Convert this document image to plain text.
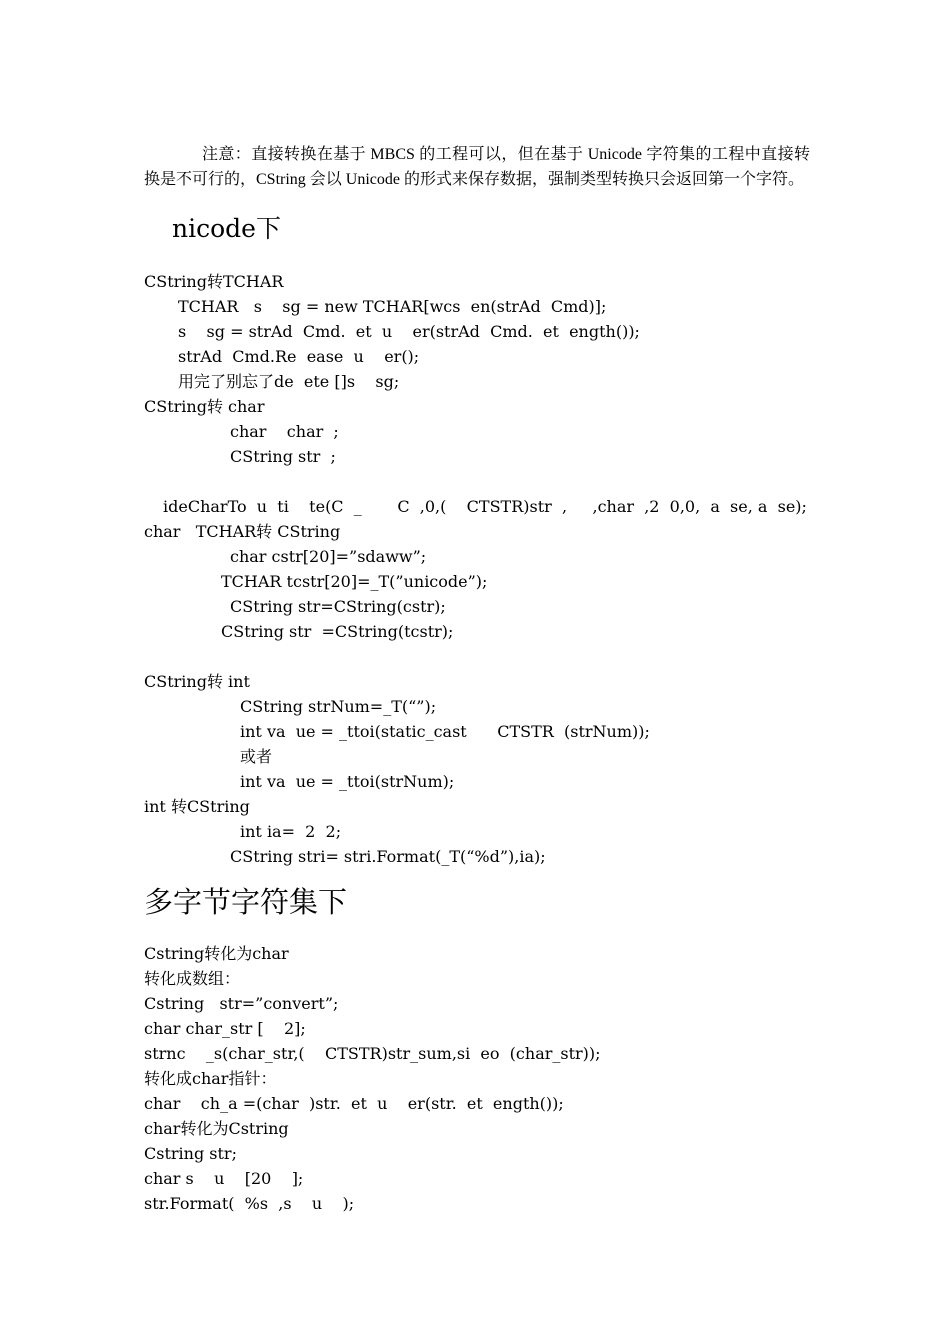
注意：直接转换在基于 MBCS 的工程可以，但在基于 Unicode 字符集的工程中直接转换是不可行的，CString 会以 Unicode 的形式来保存数据，强制类型转换只会返回第一个字符。

nicode下
CString转TCHAR
TCHAR   s    sg = new TCHAR[wcs  en(strAd  Cmd)];
s    sg = strAd  Cmd.  et  u    er(strAd  Cmd.  et  ength());
strAd  Cmd.Re  ease  u    er();
用完了别忘了de  ete []s    sg;
CString转 char
char    char  ;
CString str  ;
ideCharTo  u  ti    te(C  _       C  ,0,(    CTSTR)str  ,     ,char  ,2  0,0,  a  se, a  se);
char   TCHAR转 CString
char cstr[20]=”sdaww”;
TCHAR tcstr[20]=_T(”unicode”);
CString str=CString(cstr);
CString str  =CString(tcstr);
CString转 int
CString strNum=_T(“”);
int va  ue = _ttoi(static_cast      CTSTR  (strNum));
或者
int va  ue = _ttoi(strNum);
int 转CString
int ia=  2  2;
CString stri= stri.Format(_T(“%d”),ia);
多字节字符集下
Cstring转化为char
转化成数组：
Cstring   str=”convert”;
char char_str [    2];
strnc    _s(char_str,(    CTSTR)str_sum,si  eo  (char_str));
转化成char指针：
char    ch_a =(char  )str.  et  u    er(str.  et  ength());
char转化为Cstring
Cstring str;
char s    u    [20    ];
str.Format(  %s  ,s    u    );
